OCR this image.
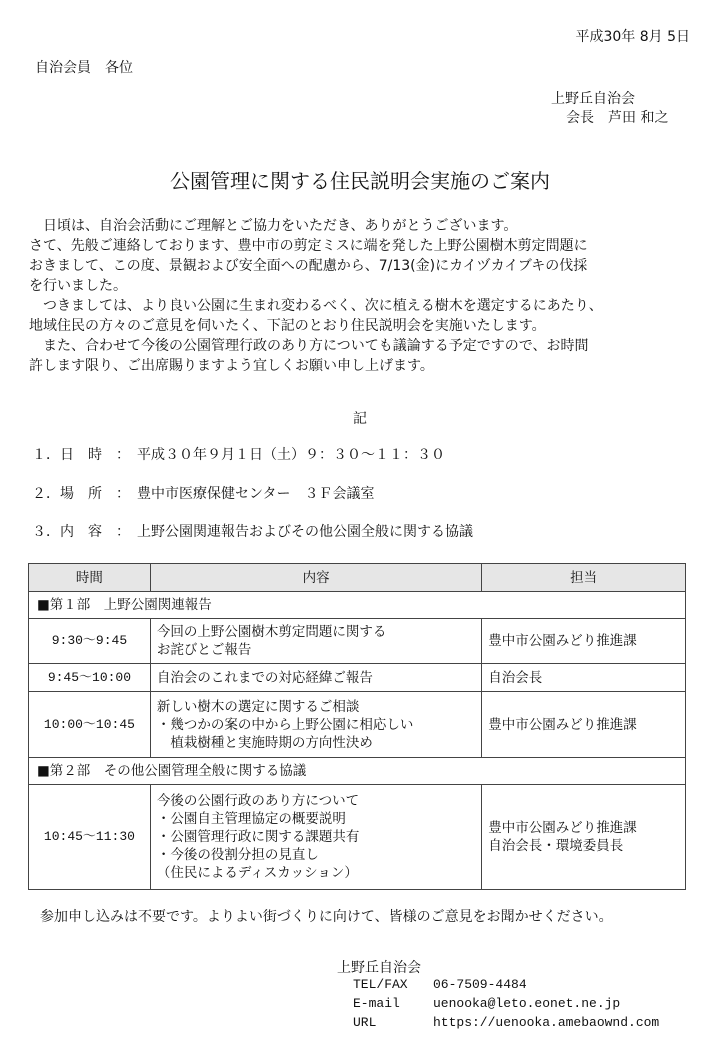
平成30年 8月 5日
自治会員　各位
上野丘自治会
会長　芦田 和之
公園管理に関する住民説明会実施のご案内
　日頃は、自治会活動にご理解とご協力をいただき、ありがとうございます。
さて、先般ご連絡しております、豊中市の剪定ミスに端を発した上野公園樹木剪定問題に
おきまして、この度、景観および安全面への配慮から、7/13(金)にカイヅカイブキの伐採
を行いました。
　つきましては、より良い公園に生まれ変わるべく、次に植える樹木を選定するにあたり、
地域住民の方々のご意見を伺いたく、下記のとおり住民説明会を実施いたします。
　また、合わせて今後の公園管理行政のあり方についても議論する予定ですので、お時間
許します限り、ご出席賜りますよう宜しくお願い申し上げます。
記
１．日　時　：　平成３０年９月１日（土）９：３０～１１：３０
２．場　所　：　豊中市医療保健センター　３Ｆ会議室
３．内　容　：　上野公園関連報告およびその他公園全般に関する協議
時間	内容	担当
■第１部　上野公園関連報告		
9:30～9:45	今回の上野公園樹木剪定問題に関する
お詫びとご報告	豊中市公園みどり推進課

9:45～10:00	自治会のこれまでの対応経緯ご報告	自治会長

10:00～10:45	新しい樹木の選定に関するご相談
・幾つかの案の中から上野公園に相応しい
　植栽樹種と実施時期の方向性決め	豊中市公園みどり推進課

■第２部　その他公園管理全般に関する協議		
10:45～11:30	今後の公園行政のあり方について
・公園自主管理協定の概要説明
・公園管理行政に関する課題共有
・今後の役割分担の見直し
（住民によるディスカッション）	豊中市公園みどり推進課
自治会長・環境委員長
参加申し込みは不要です。よりよい街づくりに向けて、皆様のご意見をお聞かせください。
上野丘自治会
TEL/FAX 06-7509-4484
E-mail	uenooka@leto.eonet.ne.jp
URL	https://uenooka.amebaownd.com
